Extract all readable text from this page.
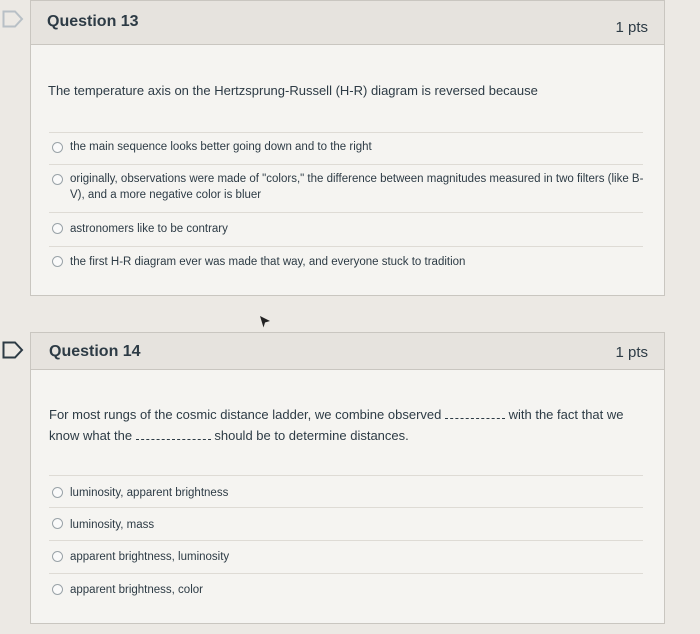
Question 13	1 pts
The temperature axis on the Hertzsprung-Russell (H-R) diagram is reversed because
the main sequence looks better going down and to the right
originally, observations were made of "colors," the difference between magnitudes measured in two filters (like B-V), and a more negative color is bluer
astronomers like to be contrary
the first H-R diagram ever was made that way, and everyone stuck to tradition
Question 14	1 pts
For most rungs of the cosmic distance ladder, we combine observed	with the fact that we
know what the	should be to determine distances.
luminosity, apparent brightness
luminosity, mass
apparent brightness, luminosity
apparent brightness, color
